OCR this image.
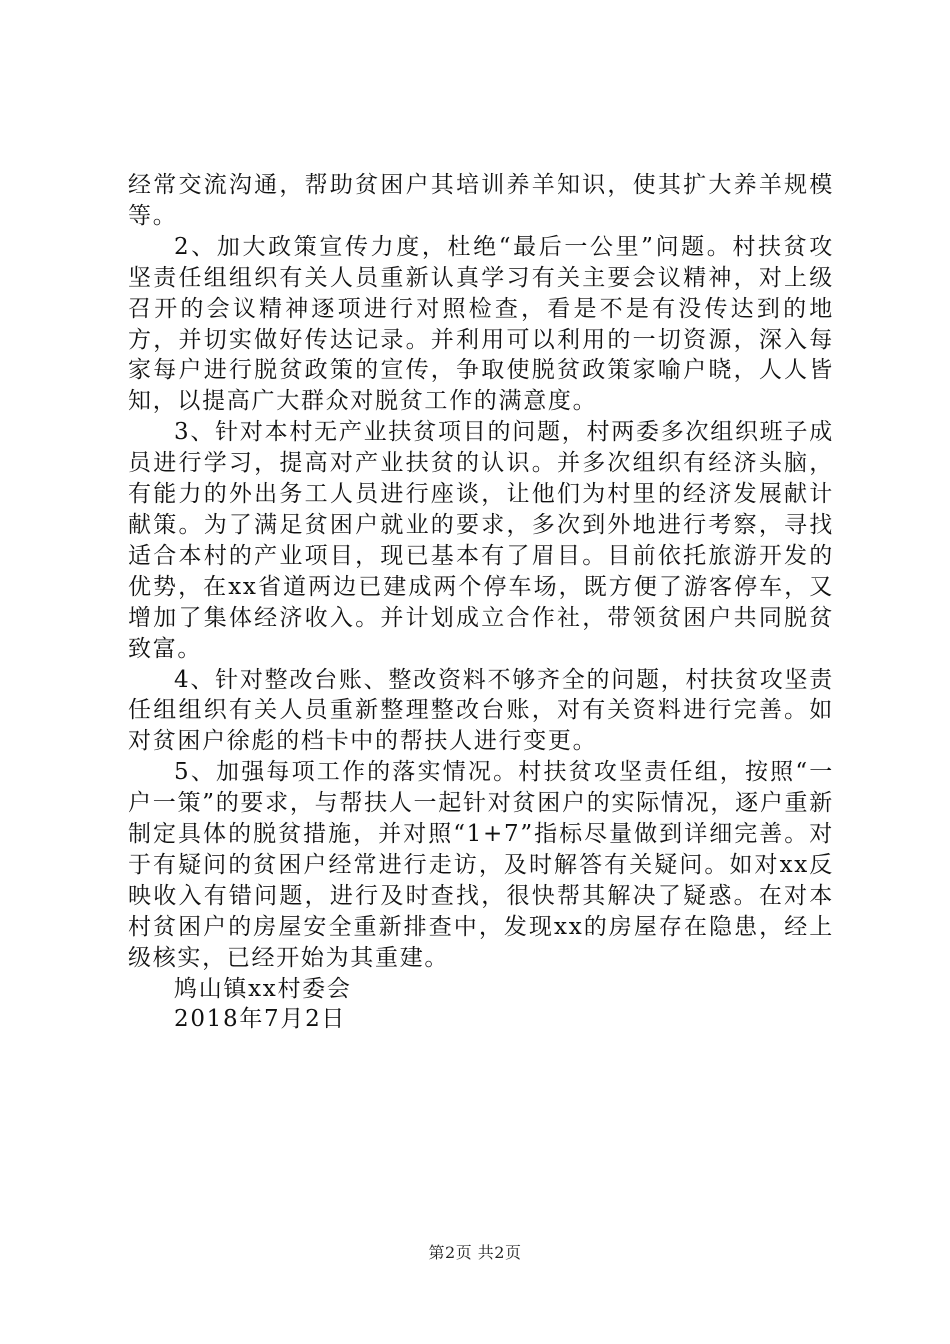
经常交流沟通，帮助贫困户其培训养羊知识，使其扩大养羊规模等。

2、加大政策宣传力度，杜绝“最后一公里”问题。村扶贫攻坚责任组组织有关人员重新认真学习有关主要会议精神，对上级召开的会议精神逐项进行对照检查，看是不是有没传达到的地方，并切实做好传达记录。并利用可以利用的一切资源，深入每家每户进行脱贫政策的宣传，争取使脱贫政策家喻户晓，人人皆知，以提高广大群众对脱贫工作的满意度。

3、针对本村无产业扶贫项目的问题，村两委多次组织班子成员进行学习，提高对产业扶贫的认识。并多次组织有经济头脑，有能力的外出务工人员进行座谈，让他们为村里的经济发展献计献策。为了满足贫困户就业的要求，多次到外地进行考察，寻找适合本村的产业项目，现已基本有了眉目。目前依托旅游开发的优势，在xx省道两边已建成两个停车场，既方便了游客停车，又增加了集体经济收入。并计划成立合作社，带领贫困户共同脱贫致富。

4、针对整改台账、整改资料不够齐全的问题，村扶贫攻坚责任组组织有关人员重新整理整改台账，对有关资料进行完善。如对贫困户徐彪的档卡中的帮扶人进行变更。

5、加强每项工作的落实情况。村扶贫攻坚责任组，按照“一户一策”的要求，与帮扶人一起针对贫困户的实际情况，逐户重新制定具体的脱贫措施，并对照“1+7”指标尽量做到详细完善。对于有疑问的贫困户经常进行走访，及时解答有关疑问。如对xx反映收入有错问题，进行及时查找，很快帮其解决了疑惑。在对本村贫困户的房屋安全重新排查中，发现xx的房屋存在隐患，经上级核实，已经开始为其重建。

鸠山镇xx村委会

2018年7月2日

第2页 共2页
